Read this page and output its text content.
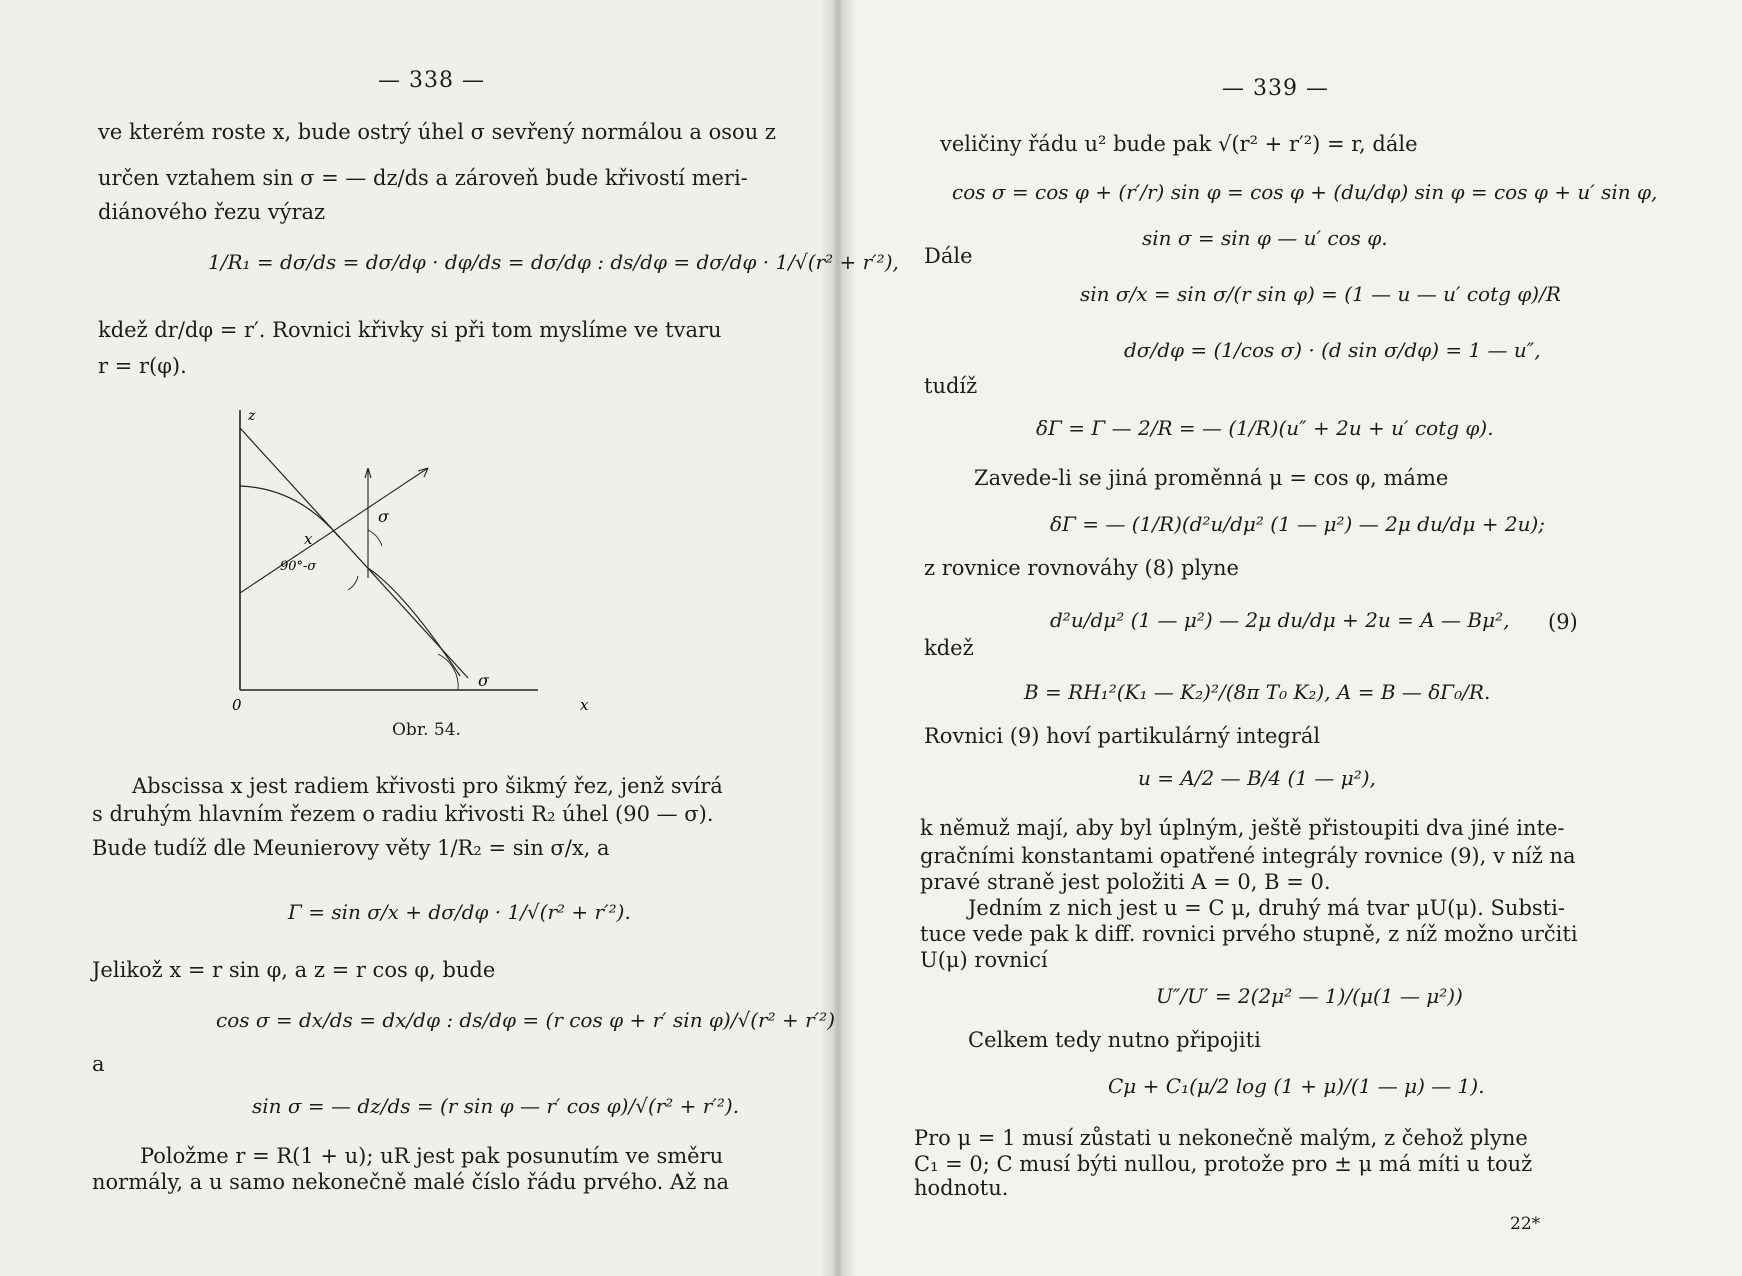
— 338 —
ve kterém roste x, bude ostrý úhel σ sevřený normálou a osou z
určen vztahem sin σ = — dz/ds a zároveň bude křivostí meri-
diánového řezu výraz
1/R₁ = dσ/ds = dσ/dφ · dφ/ds = dσ/dφ : ds/dφ = dσ/dφ · 1/√(r² + r′²),
kdež dr/dφ = r′. Rovnici křivky si při tom myslíme ve tvaru
r = r(φ).
z
σ
x
90°-σ
σ
0	x
Obr. 54.
Abscissa x jest radiem křivosti pro šikmý řez, jenž svírá
s druhým hlavním řezem o radiu křivosti R₂ úhel (90 — σ).
Bude tudíž dle Meunierovy věty 1/R₂ = sin σ/x, a
Γ = sin σ/x + dσ/dφ · 1/√(r² + r′²).
Jelikož x = r sin φ, a z = r cos φ, bude
cos σ = dx/ds = dx/dφ : ds/dφ = (r cos φ + r′ sin φ)/√(r² + r′²)
a
sin σ = — dz/ds = (r sin φ — r′ cos φ)/√(r² + r′²).
Položme r = R(1 + u); uR jest pak posunutím ve směru
normály, a u samo nekonečně malé číslo řádu prvého. Až na
— 339 —
veličiny řádu u² bude pak √(r² + r′²) = r, dále
cos σ = cos φ + (r′/r) sin φ = cos φ + (du/dφ) sin φ = cos φ + u′ sin φ,
sin σ = sin φ — u′ cos φ.
Dále
sin σ/x = sin σ/(r sin φ) = (1 — u — u′ cotg φ)/R
dσ/dφ = (1/cos σ) · (d sin σ/dφ) = 1 — u″,
tudíž
δΓ = Γ — 2/R = — (1/R)(u″ + 2u + u′ cotg φ).
Zavede-li se jiná proměnná μ = cos φ, máme
δΓ = — (1/R)(d²u/dμ² (1 — μ²) — 2μ du/dμ + 2u);
z rovnice rovnováhy (8) plyne
d²u/dμ² (1 — μ²) — 2μ du/dμ + 2u = A — Bμ², (9)
kdež
B = RH₁²(K₁ — K₂)²/(8π T₀ K₂), A = B — δΓ₀/R.
Rovnici (9) hoví partikulárný integrál
u = A/2 — B/4 (1 — μ²),
k němuž mají, aby byl úplným, ještě přistoupiti dva jiné inte-
gračními konstantami opatřené integrály rovnice (9), v níž na
pravé straně jest položiti A = 0, B = 0.
Jedním z nich jest u = C μ, druhý má tvar μU(μ). Substi-
tuce vede pak k diff. rovnici prvého stupně, z níž možno určiti
U(μ) rovnicí
U″/U′ = 2(2μ² — 1)/(μ(1 — μ²))
Celkem tedy nutno připojiti
Cμ + C₁(μ/2 log (1 + μ)/(1 — μ) — 1).
Pro μ = 1 musí zůstati u nekonečně malým, z čehož plyne
C₁ = 0; C musí býti nullou, protože pro ± μ má míti u touž
hodnotu.
22*
